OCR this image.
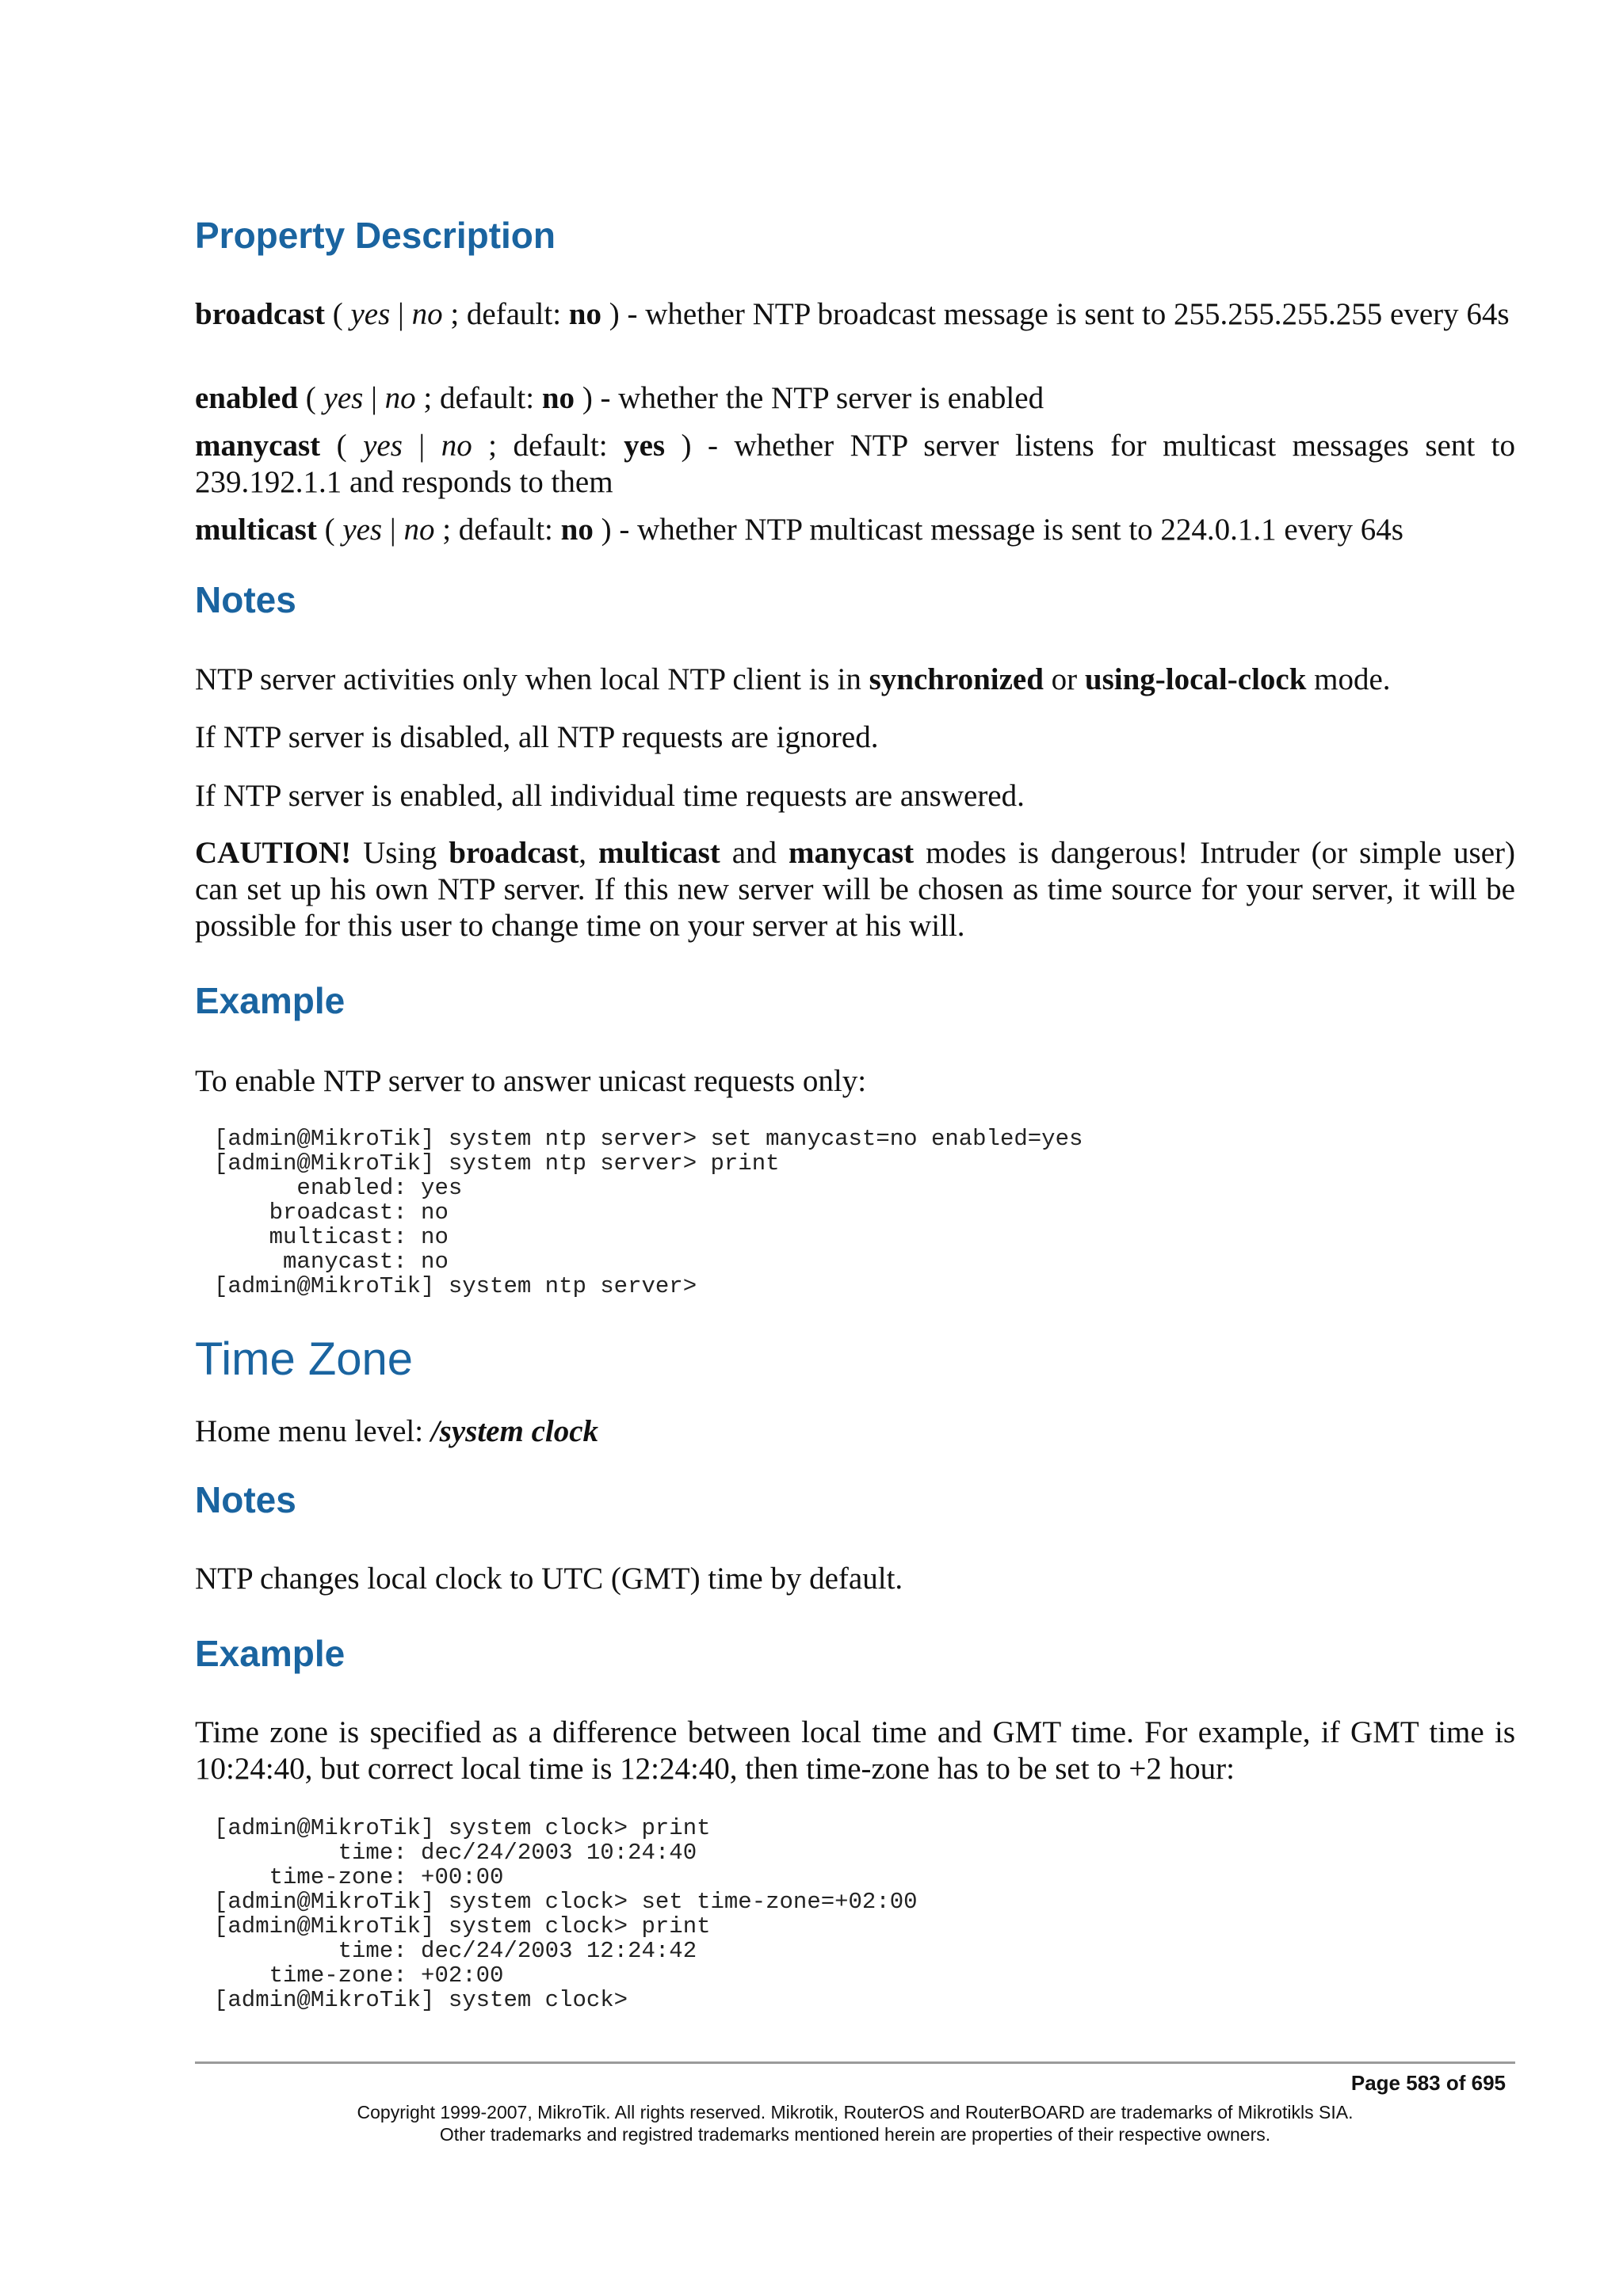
Property Description

broadcast ( yes | no ; default: no ) - whether NTP broadcast message is sent to 255.255.255.255 every 64s

enabled ( yes | no ; default: no ) - whether the NTP server is enabled

manycast ( yes | no ; default: yes ) - whether NTP server listens for multicast messages sent to 239.192.1.1 and responds to them

multicast ( yes | no ; default: no ) - whether NTP multicast message is sent to 224.0.1.1 every 64s

Notes

NTP server activities only when local NTP client is in synchronized or using-local-clock mode.

If NTP server is disabled, all NTP requests are ignored.

If NTP server is enabled, all individual time requests are answered.

CAUTION! Using broadcast, multicast and manycast modes is dangerous! Intruder (or simple user) can set up his own NTP server. If this new server will be chosen as time source for your server, it will be possible for this user to change time on your server at his will.

Example

To enable NTP server to answer unicast requests only:

[admin@MikroTik] system ntp server> set manycast=no enabled=yes
[admin@MikroTik] system ntp server> print
enabled: yes
broadcast: no
multicast: no
manycast: no
[admin@MikroTik] system ntp server>
Time Zone

Home menu level: /system clock

Notes

NTP changes local clock to UTC (GMT) time by default.

Example

Time zone is specified as a difference between local time and GMT time. For example, if GMT time is 10:24:40, but correct local time is 12:24:40, then time-zone has to be set to +2 hour:

[admin@MikroTik] system clock> print
time: dec/24/2003 10:24:40
time-zone: +00:00
[admin@MikroTik] system clock> set time-zone=+02:00
[admin@MikroTik] system clock> print
time: dec/24/2003 12:24:42
time-zone: +02:00
[admin@MikroTik] system clock>
Page 583 of 695
Copyright 1999-2007, MikroTik. All rights reserved. Mikrotik, RouterOS and RouterBOARD are trademarks of Mikrotikls SIA.
Other trademarks and registred trademarks mentioned herein are properties of their respective owners.
